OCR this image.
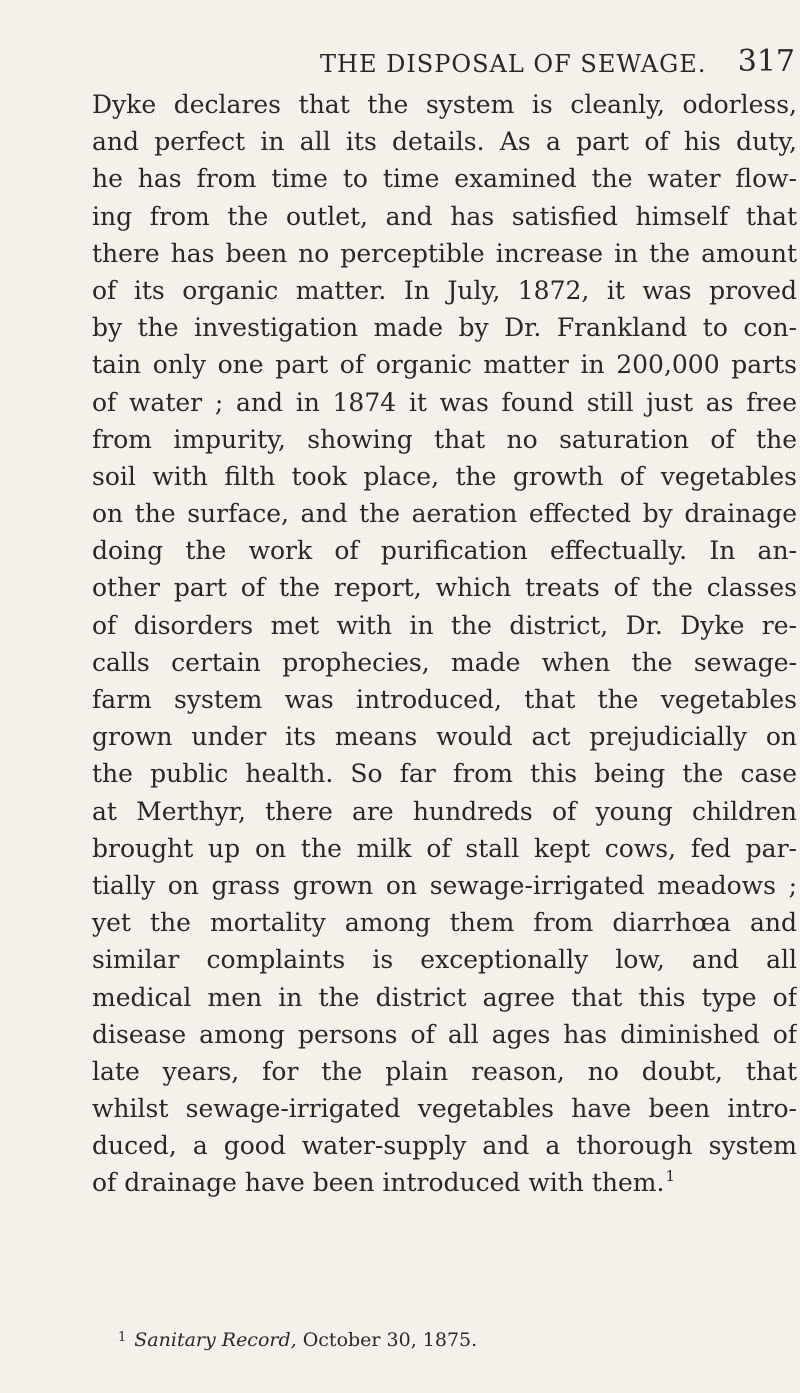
THE DISPOSAL OF SEWAGE. 317
Dyke declares that the system is cleanly, odorless,
and perfect in all its details. As a part of his duty,
he has from time to time examined the water flow-
ing from the outlet, and has satisfied himself that
there has been no perceptible increase in the amount
of its organic matter. In July, 1872, it was proved
by the investigation made by Dr. Frankland to con-
tain only one part of organic matter in 200,000 parts
of water ; and in 1874 it was found still just as free
from impurity, showing that no saturation of the
soil with filth took place, the growth of vegetables
on the surface, and the aeration effected by drainage
doing the work of purification effectually. In an-
other part of the report, which treats of the classes
of disorders met with in the district, Dr. Dyke re-
calls certain prophecies, made when the sewage-
farm system was introduced, that the vegetables
grown under its means would act prejudicially on
the public health. So far from this being the case
at Merthyr, there are hundreds of young children
brought up on the milk of stall kept cows, fed par-
tially on grass grown on sewage-irrigated meadows ;
yet the mortality among them from diarrhœa and
similar complaints is exceptionally low, and all
medical men in the district agree that this type of
disease among persons of all ages has diminished of
late years, for the plain reason, no doubt, that
whilst sewage-irrigated vegetables have been intro-
duced, a good water-supply and a thorough system
of drainage have been introduced with them.$^1$
$^1$ Sanitary Record, October 30, 1875.
